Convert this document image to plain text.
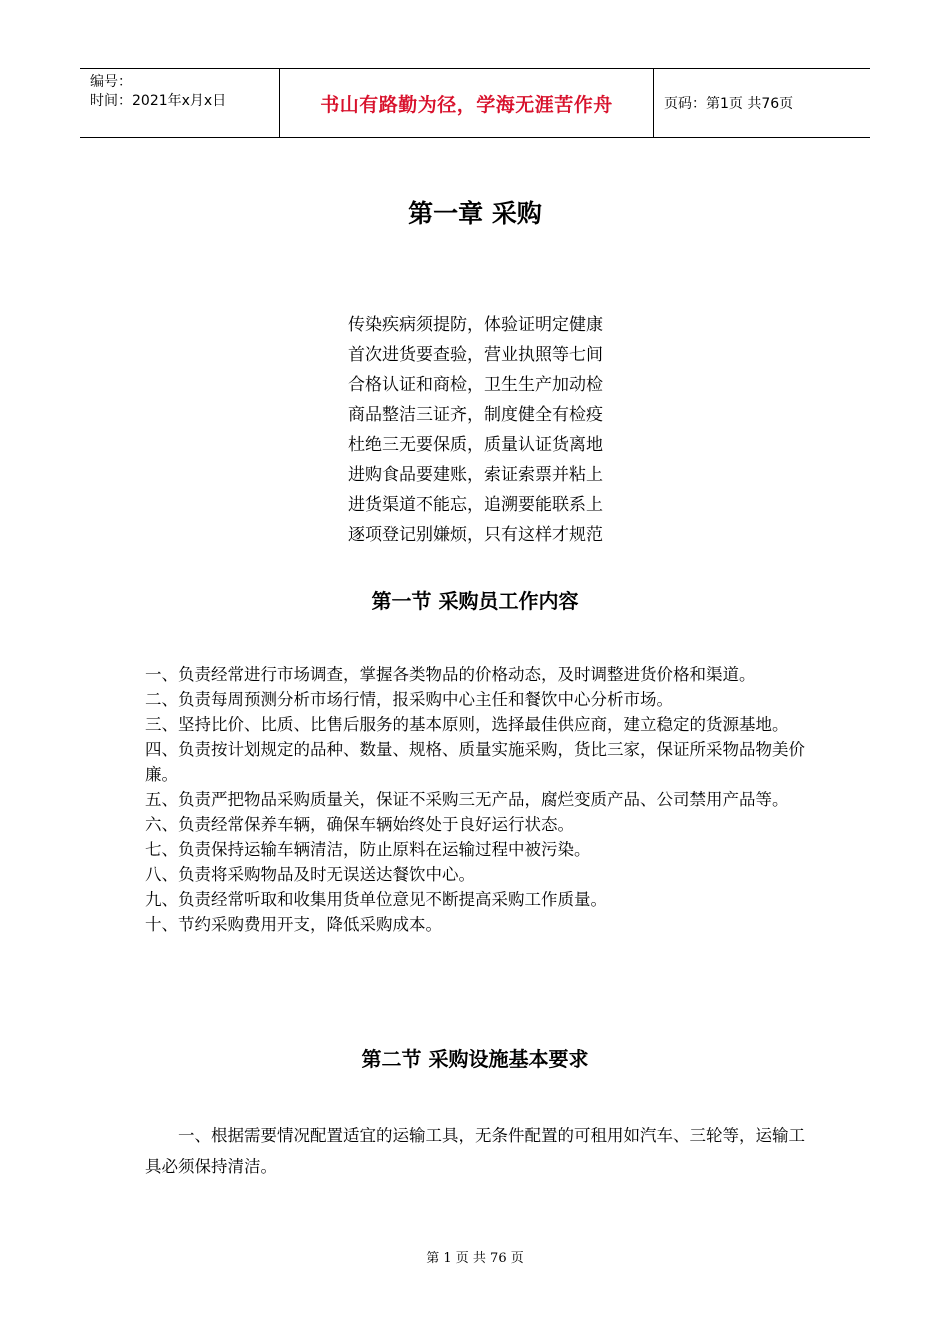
编号：
时间：2021年x月x日	书山有路勤为径，学海无涯苦作舟	页码：第1页 共76页
第一章 采购
传染疾病须提防，体验证明定健康
首次进货要查验，营业执照等七间
合格认证和商检，卫生生产加动检
商品整洁三证齐，制度健全有检疫
杜绝三无要保质，质量认证货离地
进购食品要建账，索证索票并粘上
进货渠道不能忘，追溯要能联系上
逐项登记别嫌烦，只有这样才规范
第一节 采购员工作内容
一、负责经常进行市场调查，掌握各类物品的价格动态，及时调整进货价格和渠道。
二、负责每周预测分析市场行情，报采购中心主任和餐饮中心分析市场。
三、坚持比价、比质、比售后服务的基本原则，选择最佳供应商，建立稳定的货源基地。
四、负责按计划规定的品种、数量、规格、质量实施采购，货比三家，保证所采物品物美价廉。
五、负责严把物品采购质量关，保证不采购三无产品，腐烂变质产品、公司禁用产品等。
六、负责经常保养车辆，确保车辆始终处于良好运行状态。
七、负责保持运输车辆清洁，防止原料在运输过程中被污染。
八、负责将采购物品及时无误送达餐饮中心。
九、负责经常听取和收集用货单位意见不断提高采购工作质量。
十、节约采购费用开支，降低采购成本。
第二节 采购设施基本要求
一、根据需要情况配置适宜的运输工具，无条件配置的可租用如汽车、三轮等，运输工具必须保持清洁。
第 1 页 共 76 页
